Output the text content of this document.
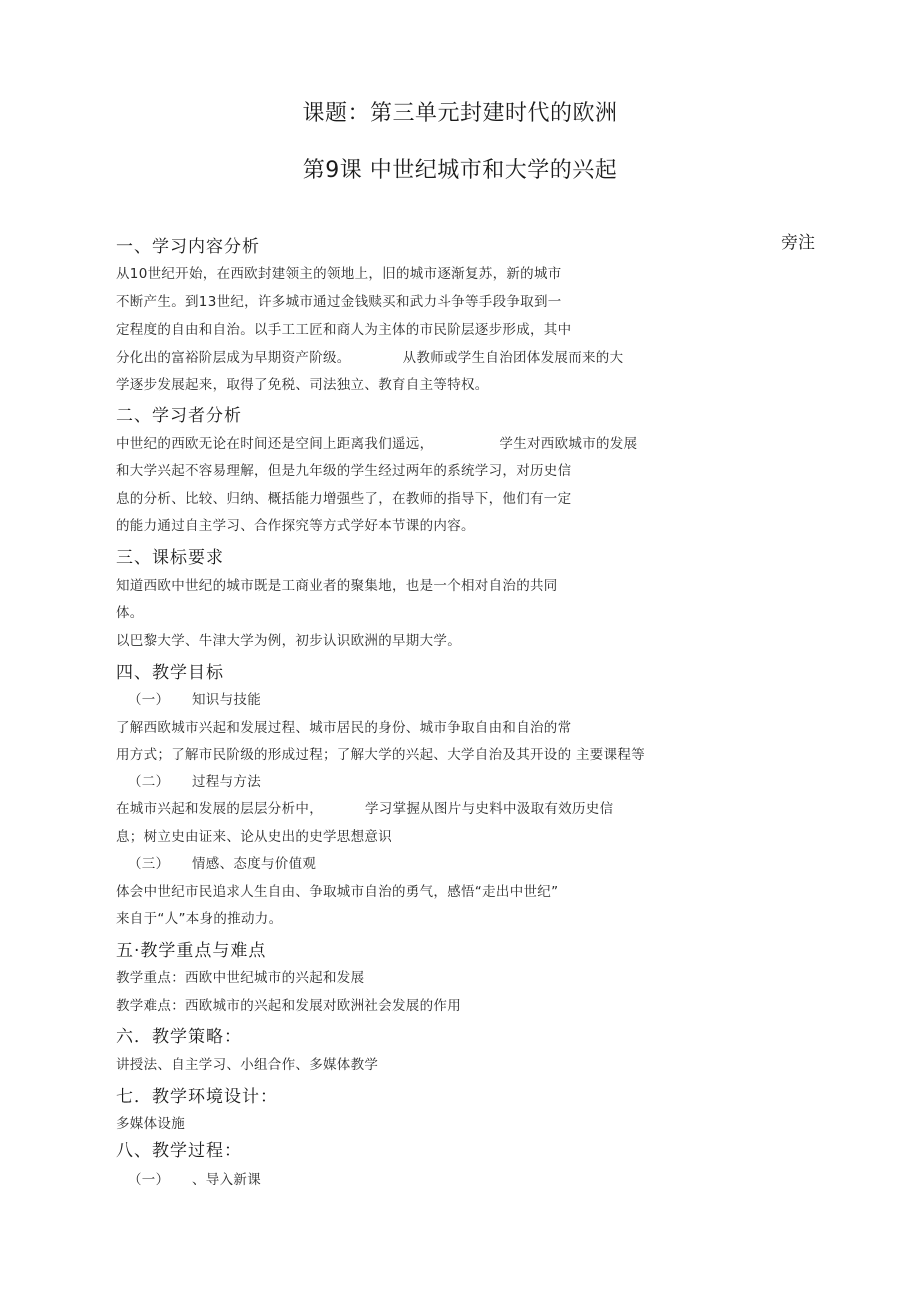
课题：第三单元封建时代的欧洲
第9课 中世纪城市和大学的兴起
旁注
一、学习内容分析
从10世纪开始，在西欧封建领主的领地上，旧的城市逐渐复苏，新的城市
不断产生。到13世纪，许多城市通过金钱赎买和武力斗争等手段争取到一
定程度的自由和自治。以手工工匠和商人为主体的市民阶层逐步形成，其中
分化出的富裕阶层成为早期资产阶级。	从教师或学生自治团体发展而来的大
学逐步发展起来，取得了免税、司法独立、教育自主等特权。
二、学习者分析
中世纪的西欧无论在时间还是空间上距离我们遥远，	学生对西欧城市的发展
和大学兴起不容易理解，但是九年级的学生经过两年的系统学习，对历史信
息的分析、比较、归纳、概括能力增强些了，在教师的指导下，他们有一定
的能力通过自主学习、合作探究等方式学好本节课的内容。
三、课标要求
知道西欧中世纪的城市既是工商业者的聚集地，也是一个相对自治的共同
体。
以巴黎大学、牛津大学为例，初步认识欧洲的早期大学。
四、教学目标
（一） 知识与技能
了解西欧城市兴起和发展过程、城市居民的身份、城市争取自由和自治的常
用方式；了解市民阶级的形成过程；了解大学的兴起、大学自治及其开设的 主要课程等
（二） 过程与方法
在城市兴起和发展的层层分析中，	学习掌握从图片与史料中汲取有效历史信
息；树立史由证来、论从史出的史学思想意识
（三） 情感、态度与价值观
体会中世纪市民追求人生自由、争取城市自治的勇气，感悟“走出中世纪”
来自于“人”本身的推动力。
五·教学重点与难点
教学重点：西欧中世纪城市的兴起和发展
教学难点：西欧城市的兴起和发展对欧洲社会发展的作用
六．教学策略：
讲授法、自主学习、小组合作、多媒体教学
七．教学环境设计：
多媒体设施
八、教学过程：
（一） 、导入新课
